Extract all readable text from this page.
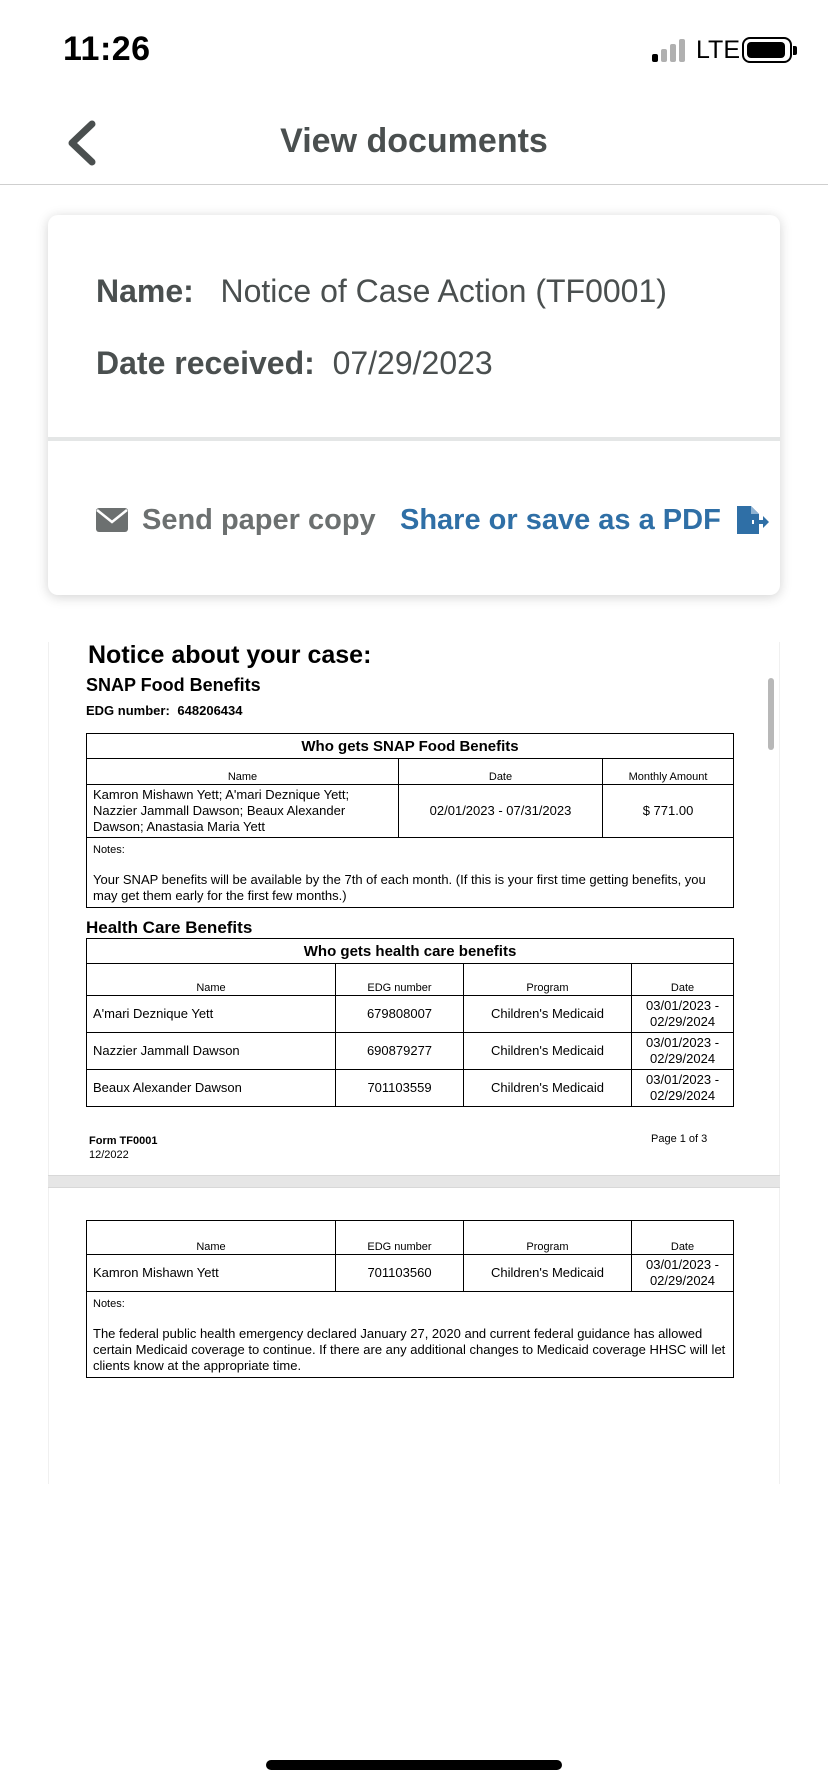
11:26	LTE
View documents
Name: Notice of Case Action (TF0001)
Date received: 07/29/2023
Send paper copy Share or save as a PDF
Notice about your case:
SNAP Food Benefits
EDG number: 648206434
Who gets SNAP Food Benefits		
Name	Date	Monthly Amount
Kamron Mishawn Yett; A'mari Deznique Yett; Nazzier Jammall Dawson; Beaux Alexander Dawson; Anastasia Maria Yett	02/01/2023 - 07/31/2023	$ 771.00

Notes:
Your SNAP benefits will be available by the 7th of each month. (If this is your first time getting benefits, you may get them early for the first few months.)		
Health Care Benefits
Who gets health care benefits			
Name	EDG number	Program	Date
A'mari Deznique Yett	679808007	Children's Medicaid	03/01/2023 - 02/29/2024
Nazzier Jammall Dawson	690879277	Children's Medicaid	03/01/2023 - 02/29/2024
Beaux Alexander Dawson	701103559	Children's Medicaid	03/01/2023 - 02/29/2024
Form TF0001
12/2022
Page 1 of 3
Name	EDG number	Program	Date
Kamron Mishawn Yett	701103560	Children's Medicaid	03/01/2023 - 02/29/2024

Notes:
The federal public health emergency declared January 27, 2020 and current federal guidance has allowed certain Medicaid coverage to continue. If there are any additional changes to Medicaid coverage HHSC will let clients know at the appropriate time.			
